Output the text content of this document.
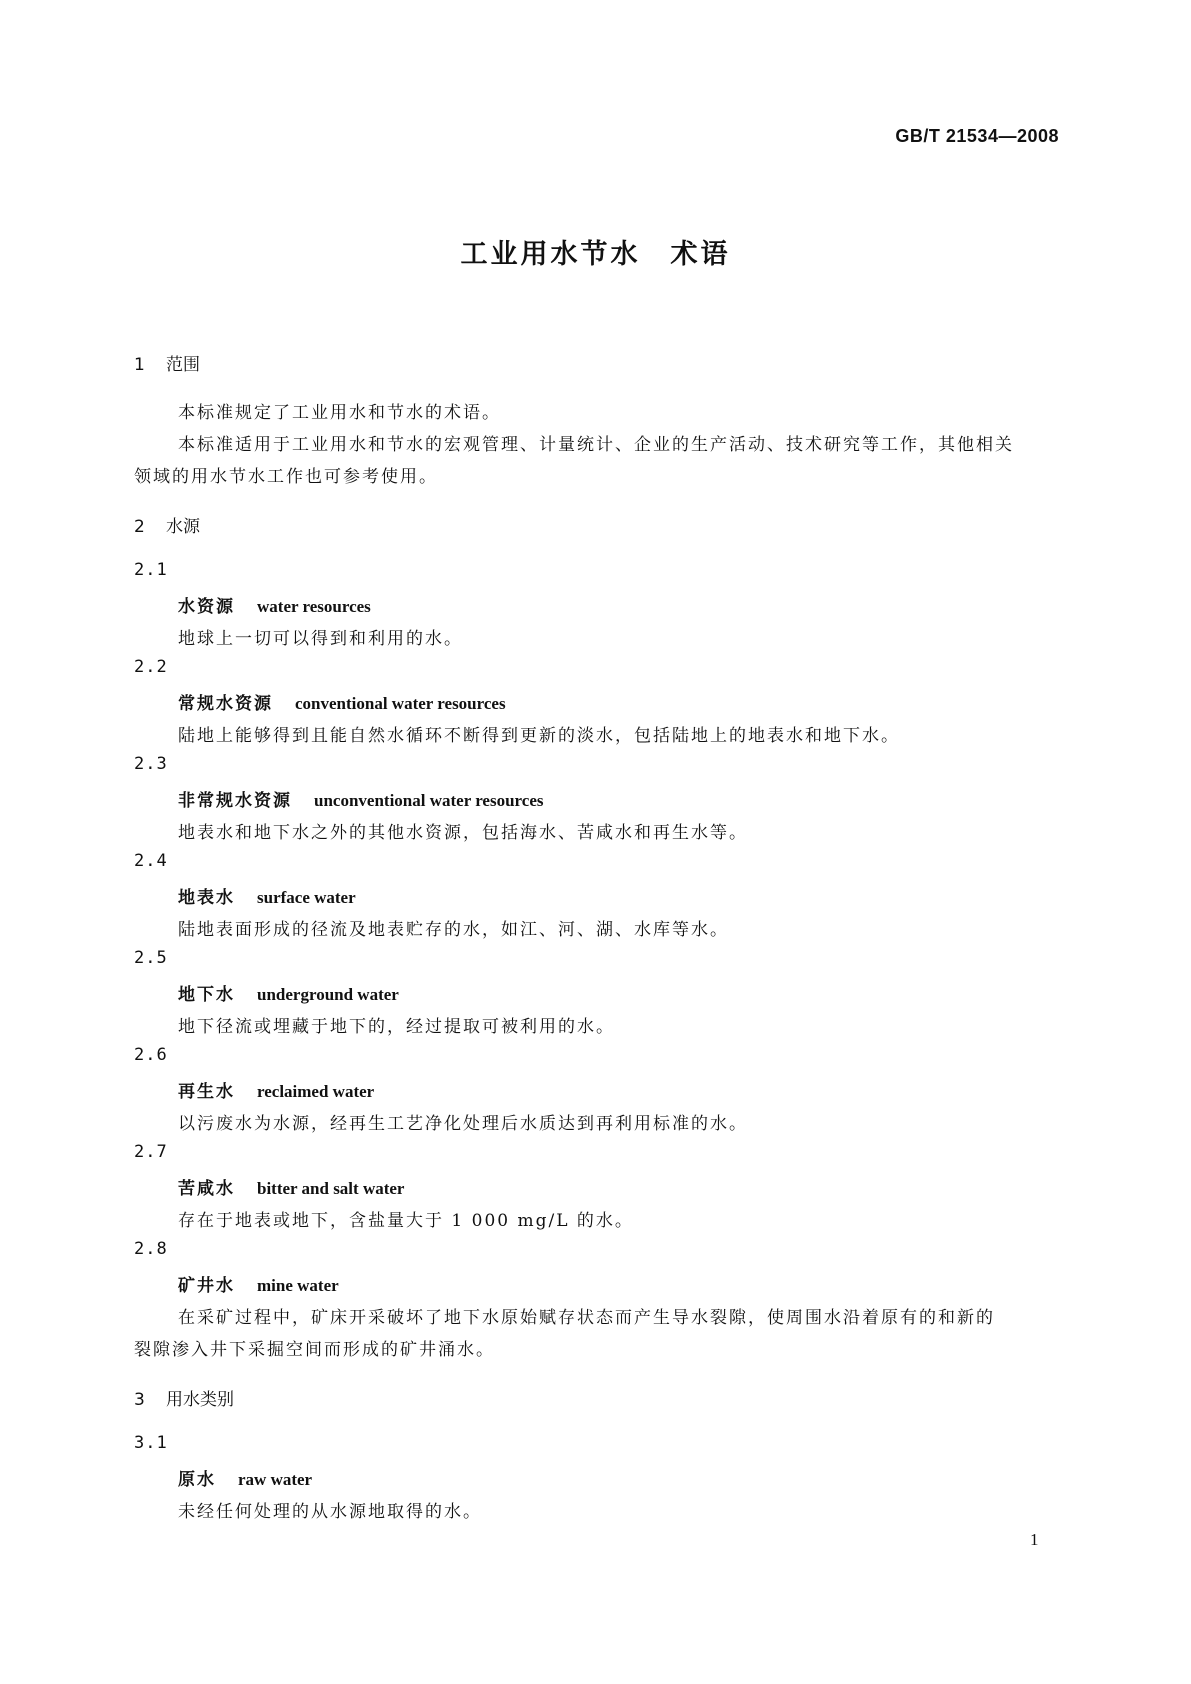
GB/T 21534—2008
工业用水节水　术语
1 范围
本标准规定了工业用水和节水的术语。
本标准适用于工业用水和节水的宏观管理、计量统计、企业的生产活动、技术研究等工作，其他相关
领域的用水节水工作也可参考使用。
2 水源
2.1
水资源 water resources
地球上一切可以得到和利用的水。
2.2
常规水资源 conventional water resources
陆地上能够得到且能自然水循环不断得到更新的淡水，包括陆地上的地表水和地下水。
2.3
非常规水资源 unconventional water resources
地表水和地下水之外的其他水资源，包括海水、苦咸水和再生水等。
2.4
地表水 surface water
陆地表面形成的径流及地表贮存的水，如江、河、湖、水库等水。
2.5
地下水 underground water
地下径流或埋藏于地下的，经过提取可被利用的水。
2.6
再生水 reclaimed water
以污废水为水源，经再生工艺净化处理后水质达到再利用标准的水。
2.7
苦咸水 bitter and salt water
存在于地表或地下，含盐量大于 1 000 mg/L 的水。
2.8
矿井水 mine water
在采矿过程中，矿床开采破坏了地下水原始赋存状态而产生导水裂隙，使周围水沿着原有的和新的
裂隙渗入井下采掘空间而形成的矿井涌水。
3 用水类别
3.1
原水 raw water
未经任何处理的从水源地取得的水。
1
